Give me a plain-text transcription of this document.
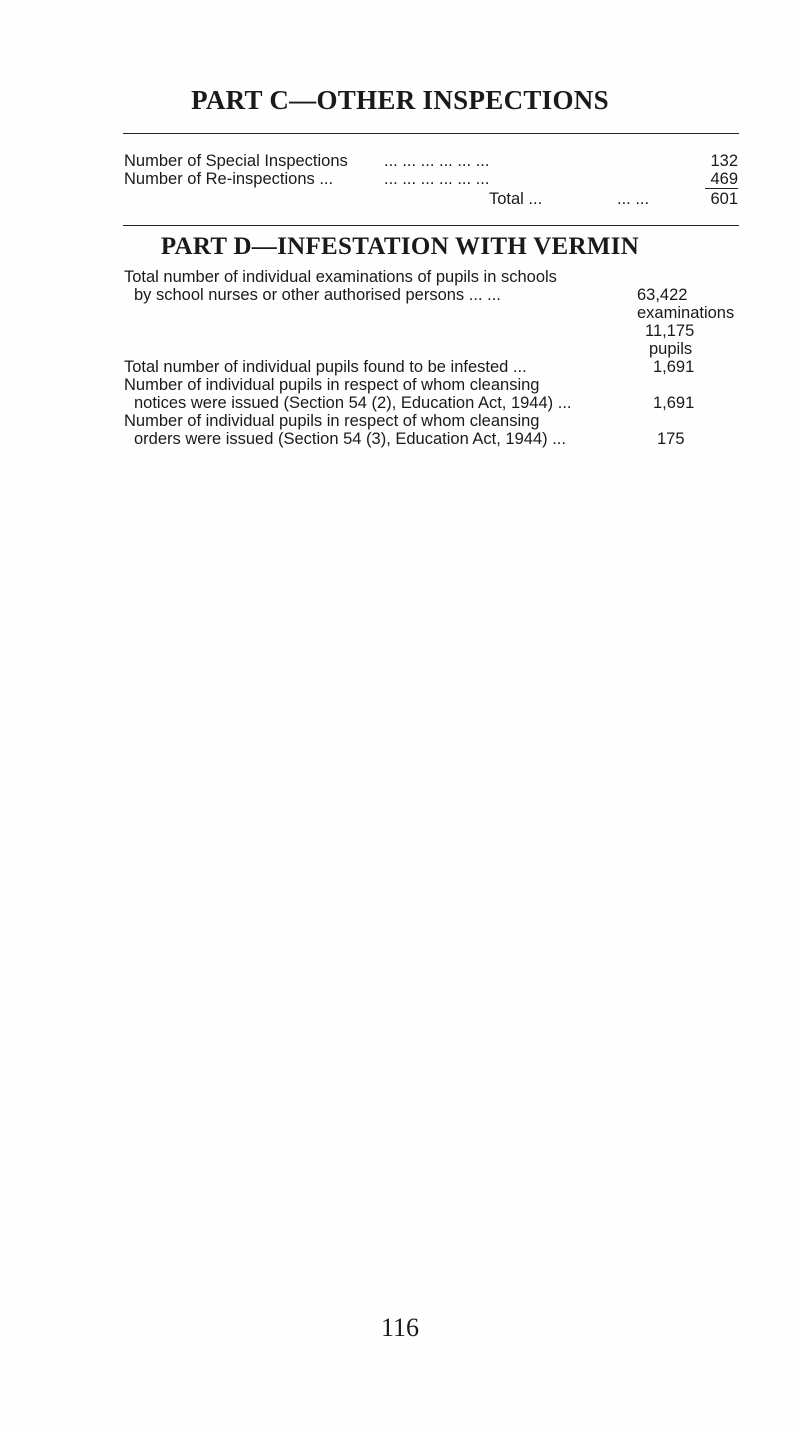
PART C—OTHER INSPECTIONS
Number of Special Inspections ... ... ... ... ... ...	132
Number of Re-inspections ...	... ... ... ... ... ...	469
Total ...	... ...	601
PART D—INFESTATION WITH VERMIN
Total number of individual examinations of pupils in schools
by school nurses or other authorised persons ... ...	63,422
examinations
11,175
pupils
Total number of individual pupils found to be infested ...	1,691
Number of individual pupils in respect of whom cleansing
notices were issued (Section 54 (2), Education Act, 1944) ...	1,691
Number of individual pupils in respect of whom cleansing
orders were issued (Section 54 (3), Education Act, 1944) ...	175
116
